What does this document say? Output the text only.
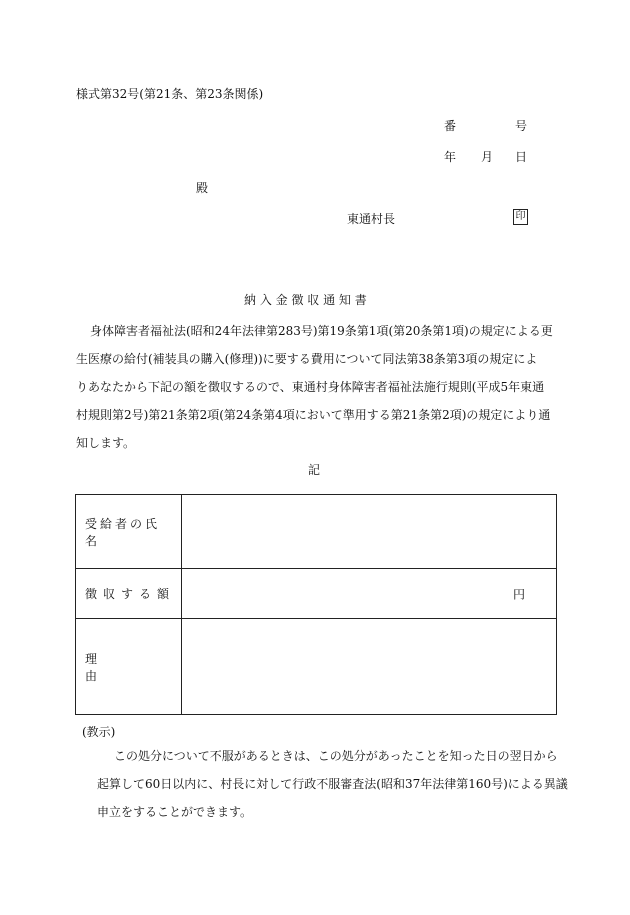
様式第32号(第21条、第23条関係)
番	号
年 月 日
殿
東通村長	印
納 入 金 徴 収 通 知 書

身体障害者福祉法(昭和24年法律第283号)第19条第1項(第20条第1項)の規定による更

生医療の給付(補装具の購入(修理))に要する費用について同法第38条第3項の規定によ

りあなたから下記の額を徴収するので、東通村身体障害者福祉法施行規則(平成5年東通

村規則第2号)第21条第2項(第24条第4項において準用する第21条第2項)の規定により通

知します。

記
受給者の氏名	

徴収する額	円

理由	
(教示)

この処分について不服があるときは、この処分があったことを知った日の翌日から

起算して60日以内に、村長に対して行政不服審査法(昭和37年法律第160号)による異議

申立をすることができます。
